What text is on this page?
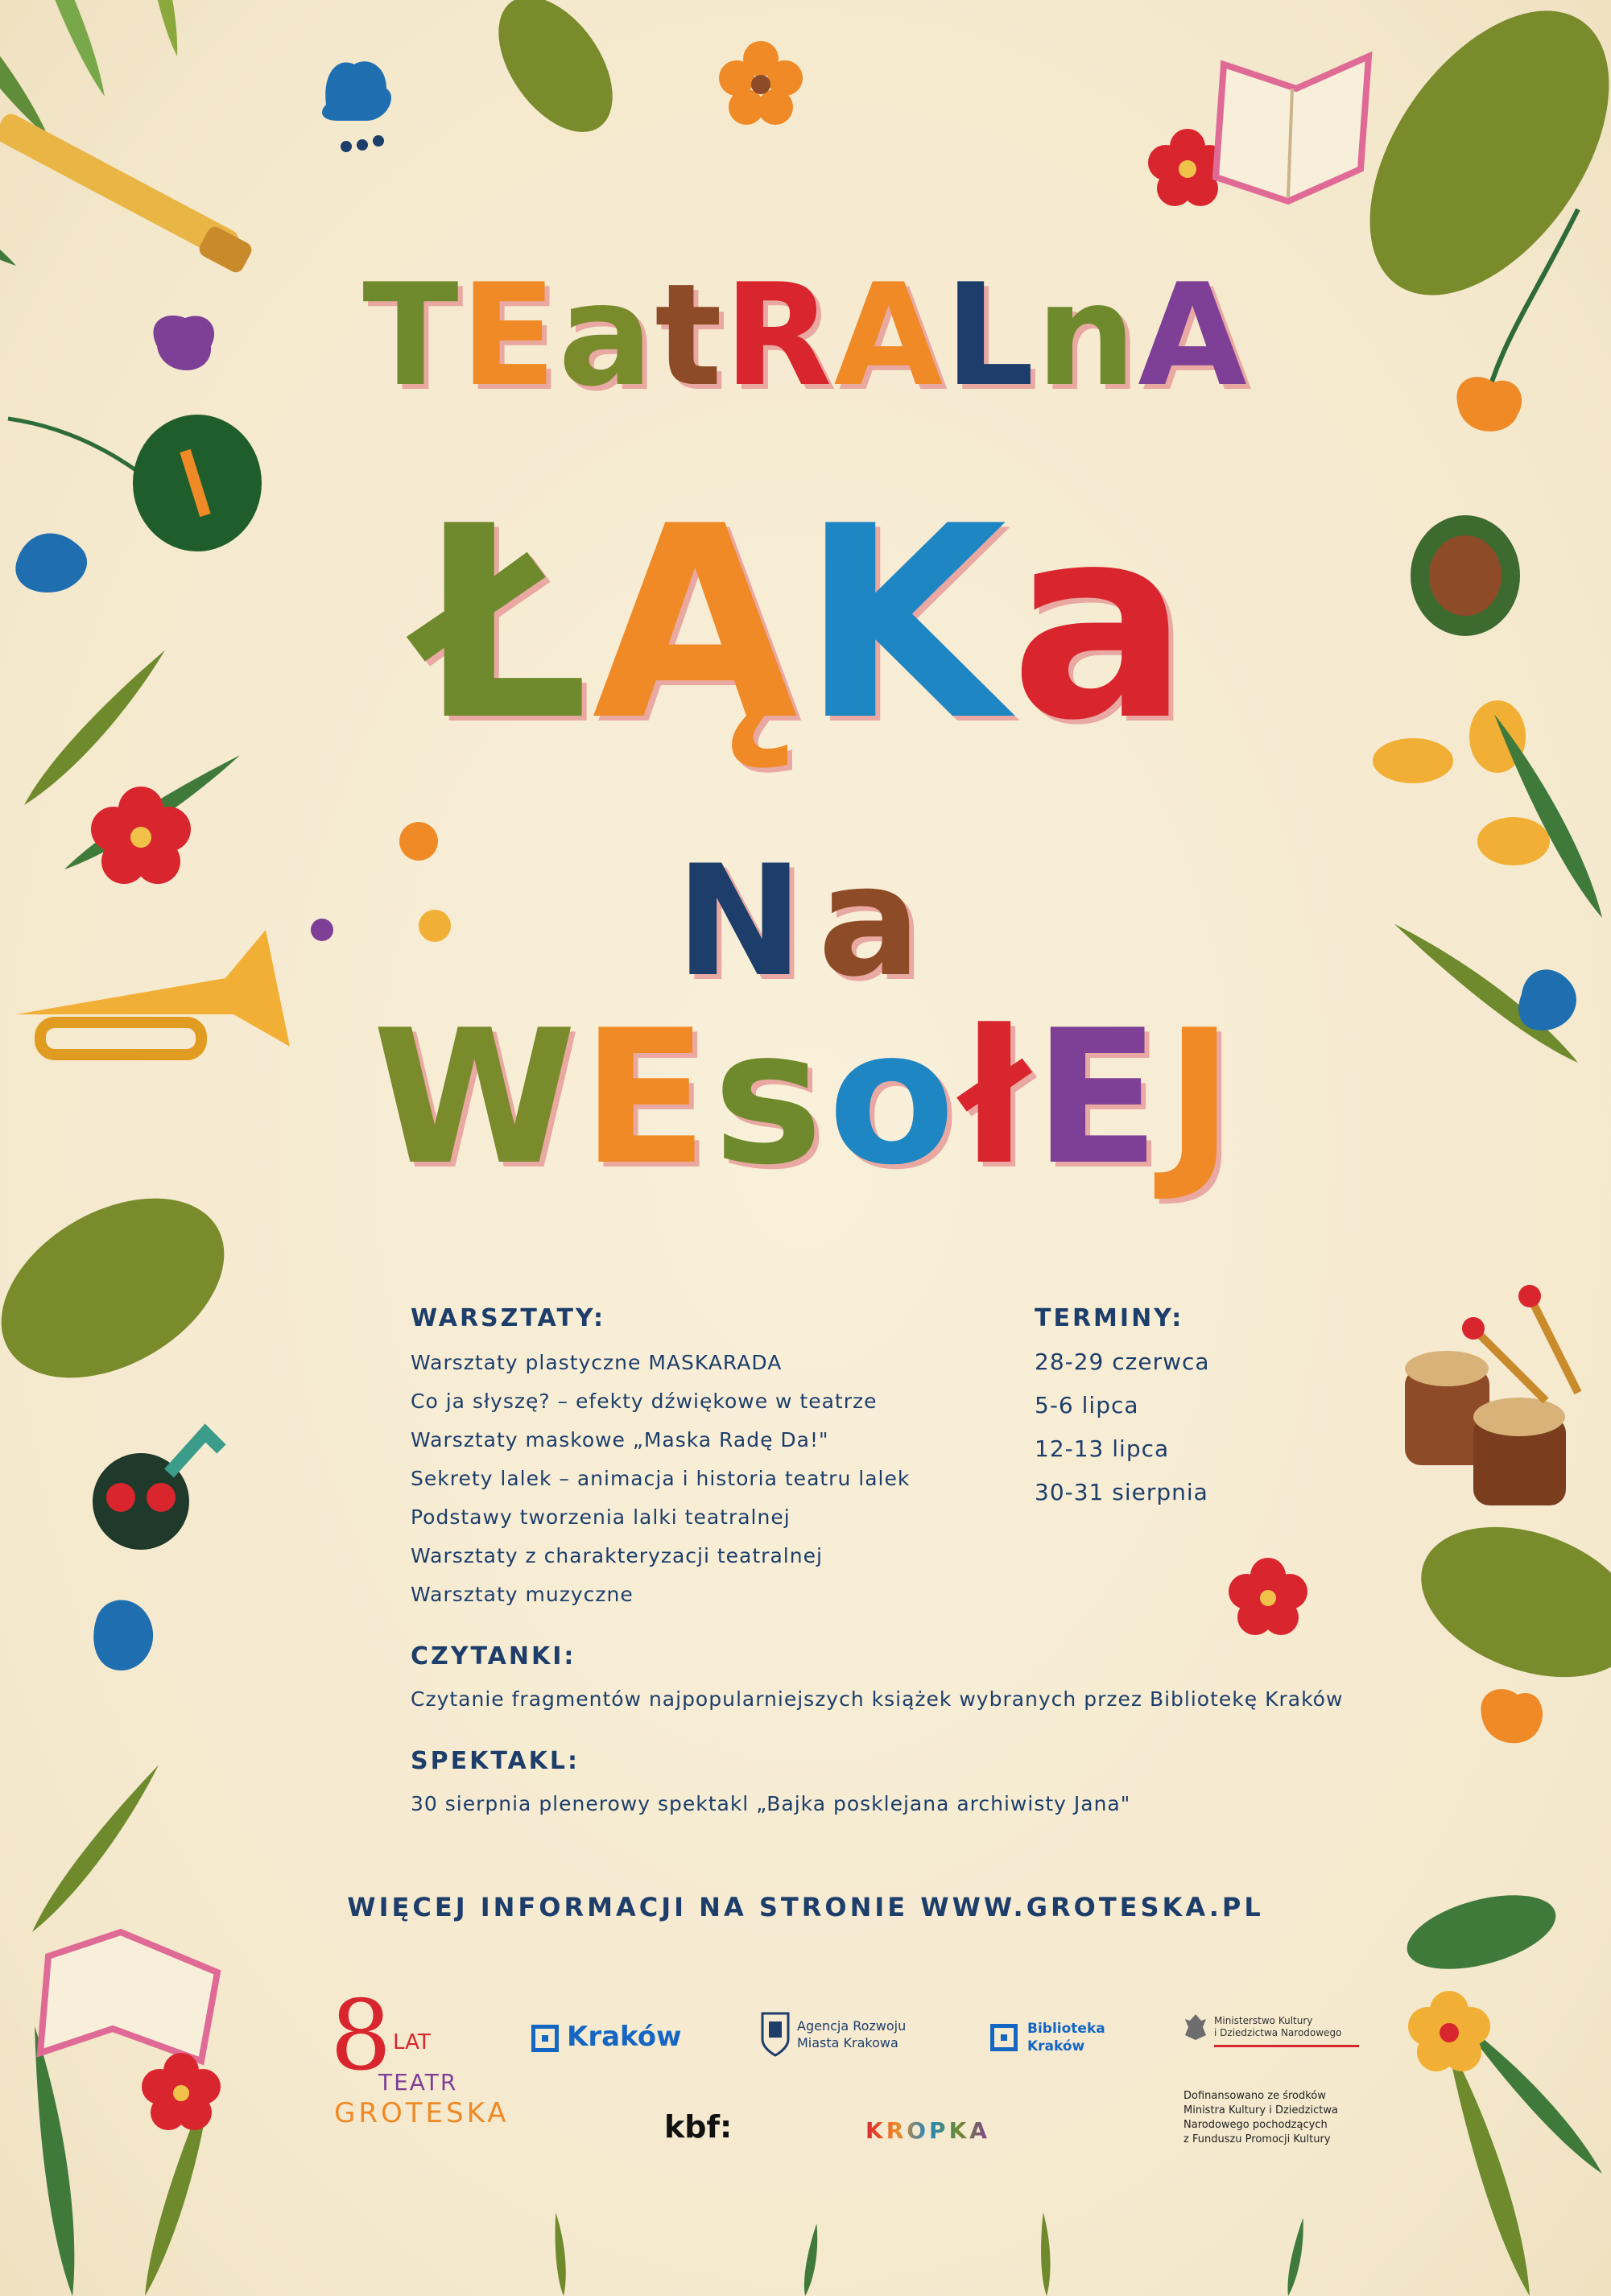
TEatRALnA
ŁĄKa
Na
WEsołEJ
WARSZTATY:
Warsztaty plastyczne MASKARADA
Co ja słyszę? – efekty dźwiękowe w teatrze
Warsztaty maskowe „Maska Radę Da!"
Sekrety lalek – animacja i historia teatru lalek
Podstawy tworzenia lalki teatralnej
Warsztaty z charakteryzacji teatralnej
Warsztaty muzyczne
TERMINY:
28-29 czerwca
5-6 lipca
12-13 lipca
30-31 sierpnia
CZYTANKI:
Czytanie fragmentów najpopularniejszych książek wybranych przez Bibliotekę Kraków
SPEKTAKL:
30 sierpnia plenerowy spektakl „Bajka posklejana archiwisty Jana"
WIĘCEJ INFORMACJI NA STRONIE WWW.GROTESKA.PL
8 LAT
TEATR
GROTESKA
Kraków	Agencja Rozwoju
Miasta Krakowa
Biblioteka
Kraków
Ministerstwo Kultury
i Dziedzictwa Narodowego
kbf:	KROPKA
Dofinansowano ze środków
Ministra Kultury i Dziedzictwa
Narodowego pochodzących
z Funduszu Promocji Kultury
